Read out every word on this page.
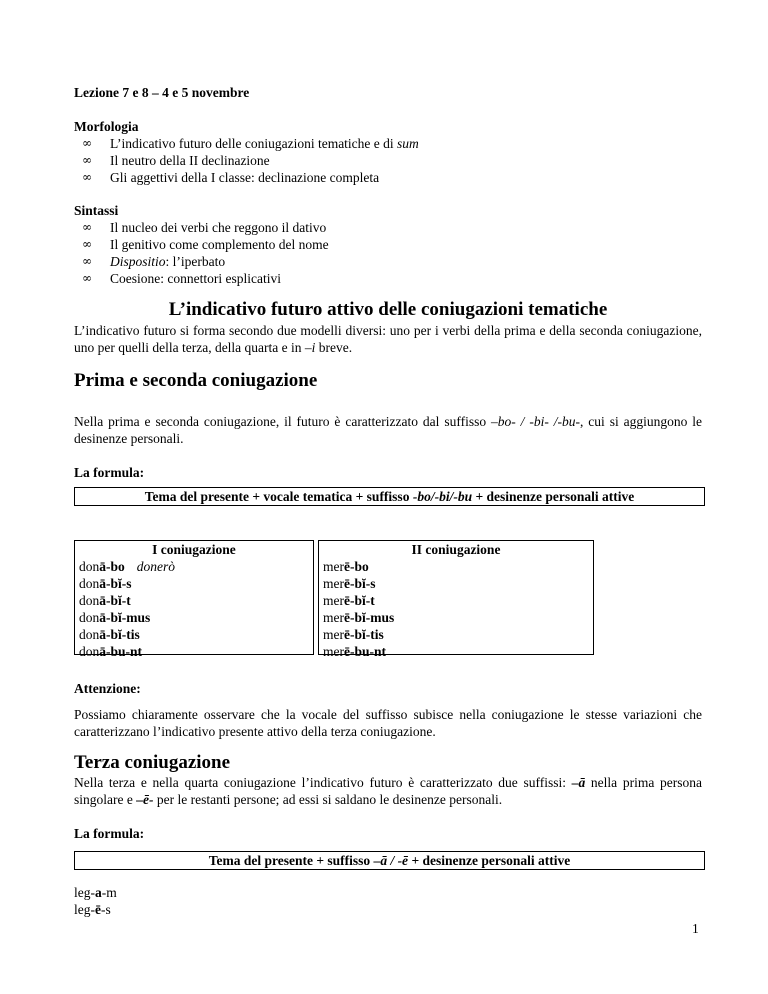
Lezione 7 e 8 – 4 e 5 novembre
Morfologia
∞	L’indicativo futuro delle coniugazioni tematiche e di sum
∞	Il neutro della II declinazione
∞	Gli aggettivi della I classe: declinazione completa
Sintassi
∞	Il nucleo dei verbi che reggono il dativo
∞	Il genitivo come complemento del nome
∞	Dispositio: l’iperbato
∞	Coesione: connettori esplicativi
L’indicativo futuro attivo delle coniugazioni tematiche
L’indicativo futuro si forma secondo due modelli diversi: uno per i verbi della prima e della seconda coniugazione, uno per quelli della terza, della quarta e in –i breve.
Prima e seconda coniugazione
Nella prima e seconda coniugazione, il futuro è caratterizzato dal suffisso –bo- / -bi- /-bu-, cui si aggiungono le desinenze personali.
La formula:
Tema del presente + vocale tematica + suffisso -bo/-bi/-bu + desinenze personali attive
I coniugazione
donā-bo donerò
donā-bĭ-s
donā-bĭ-t
donā-bĭ-mus
donā-bĭ-tis
donā-bu-nt
II coniugazione
merē-bo
merē-bĭ-s
merē-bĭ-t
merē-bĭ-mus
merē-bĭ-tis
merē-bu-nt
Attenzione:
Possiamo chiaramente osservare che la vocale del suffisso subisce nella coniugazione le stesse variazioni che caratterizzano l’indicativo presente attivo della terza coniugazione.
Terza coniugazione
Nella terza e nella quarta coniugazione l’indicativo futuro è caratterizzato due suffissi: –ā nella prima persona singolare e –ē- per le restanti persone; ad essi si saldano le desinenze personali.
La formula:
Tema del presente + suffisso –ā / -ē + desinenze personali attive
leg-a-m
leg-ē-s
1
